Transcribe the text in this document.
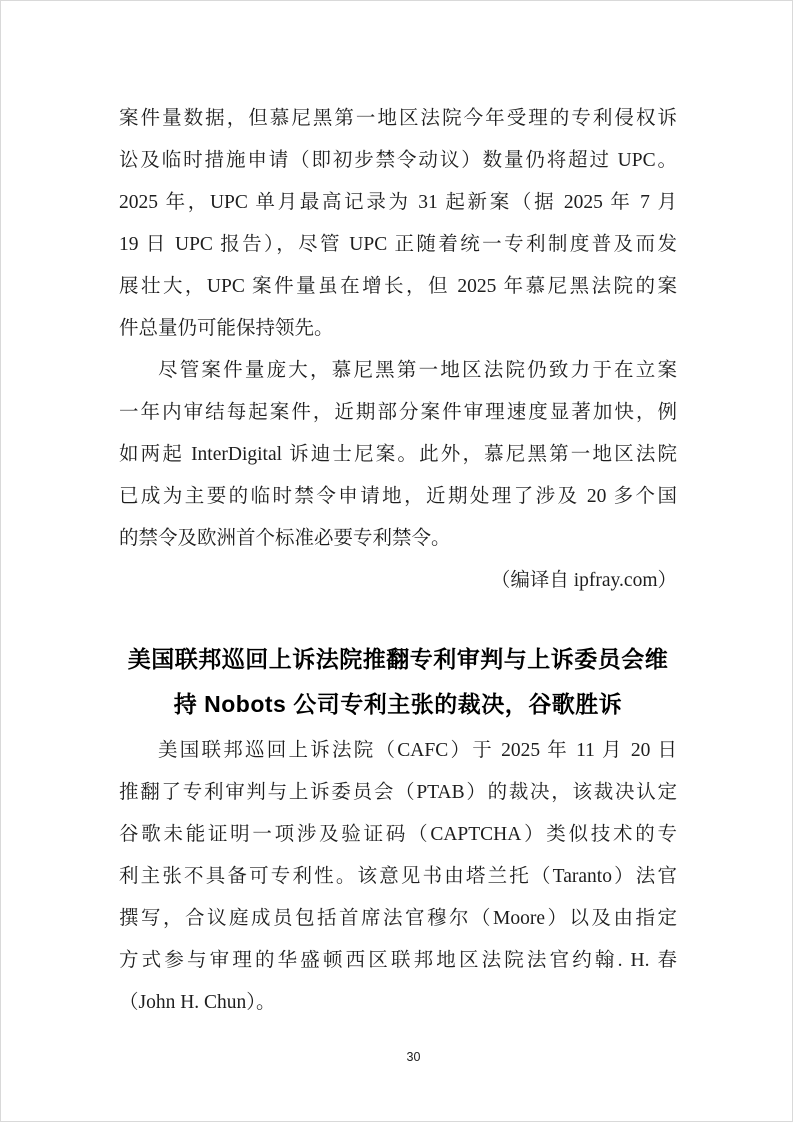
案件量数据，但慕尼黑第一地区法院今年受理的专利侵权诉
讼及临时措施申请（即初步禁令动议）数量仍将超过 UPC。
2025 年，UPC 单月最高记录为 31 起新案（据 2025 年 7 月
19 日 UPC 报告），尽管 UPC 正随着统一专利制度普及而发
展壮大，UPC 案件量虽在增长，但 2025 年慕尼黑法院的案
件总量仍可能保持领先。
尽管案件量庞大，慕尼黑第一地区法院仍致力于在立案
一年内审结每起案件，近期部分案件审理速度显著加快，例
如两起 InterDigital 诉迪士尼案。此外，慕尼黑第一地区法院
已成为主要的临时禁令申请地，近期处理了涉及 20 多个国
的禁令及欧洲首个标准必要专利禁令。
（编译自 ipfray.com）
美国联邦巡回上诉法院推翻专利审判与上诉委员会维
持 Nobots 公司专利主张的裁决，谷歌胜诉
美国联邦巡回上诉法院（CAFC）于 2025 年 11 月 20 日
推翻了专利审判与上诉委员会（PTAB）的裁决，该裁决认定
谷歌未能证明一项涉及验证码（CAPTCHA）类似技术的专
利主张不具备可专利性。该意见书由塔兰托（Taranto）法官
撰写，合议庭成员包括首席法官穆尔（Moore）以及由指定
方式参与审理的华盛顿西区联邦地区法院法官约翰. H. 春
（John H. Chun）。
30
